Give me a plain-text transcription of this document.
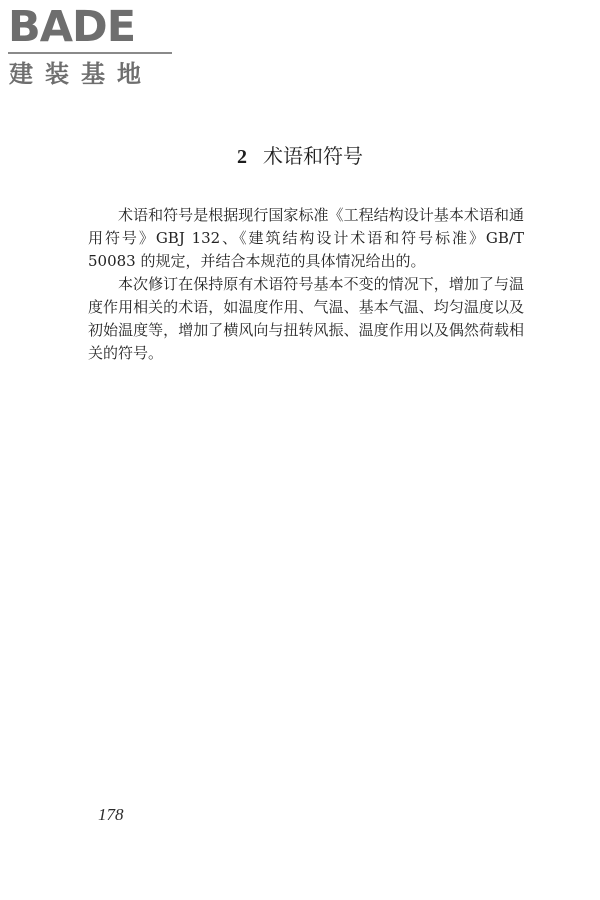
BADE
建装基地
2 术语和符号

术语和符号是根据现行国家标准《工程结构设计基本术语和通用符号》GBJ 132、《建筑结构设计术语和符号标准》GB/T 50083 的规定，并结合本规范的具体情况给出的。

本次修订在保持原有术语符号基本不变的情况下，增加了与温度作用相关的术语，如温度作用、气温、基本气温、均匀温度以及初始温度等，增加了横风向与扭转风振、温度作用以及偶然荷载相关的符号。

178
